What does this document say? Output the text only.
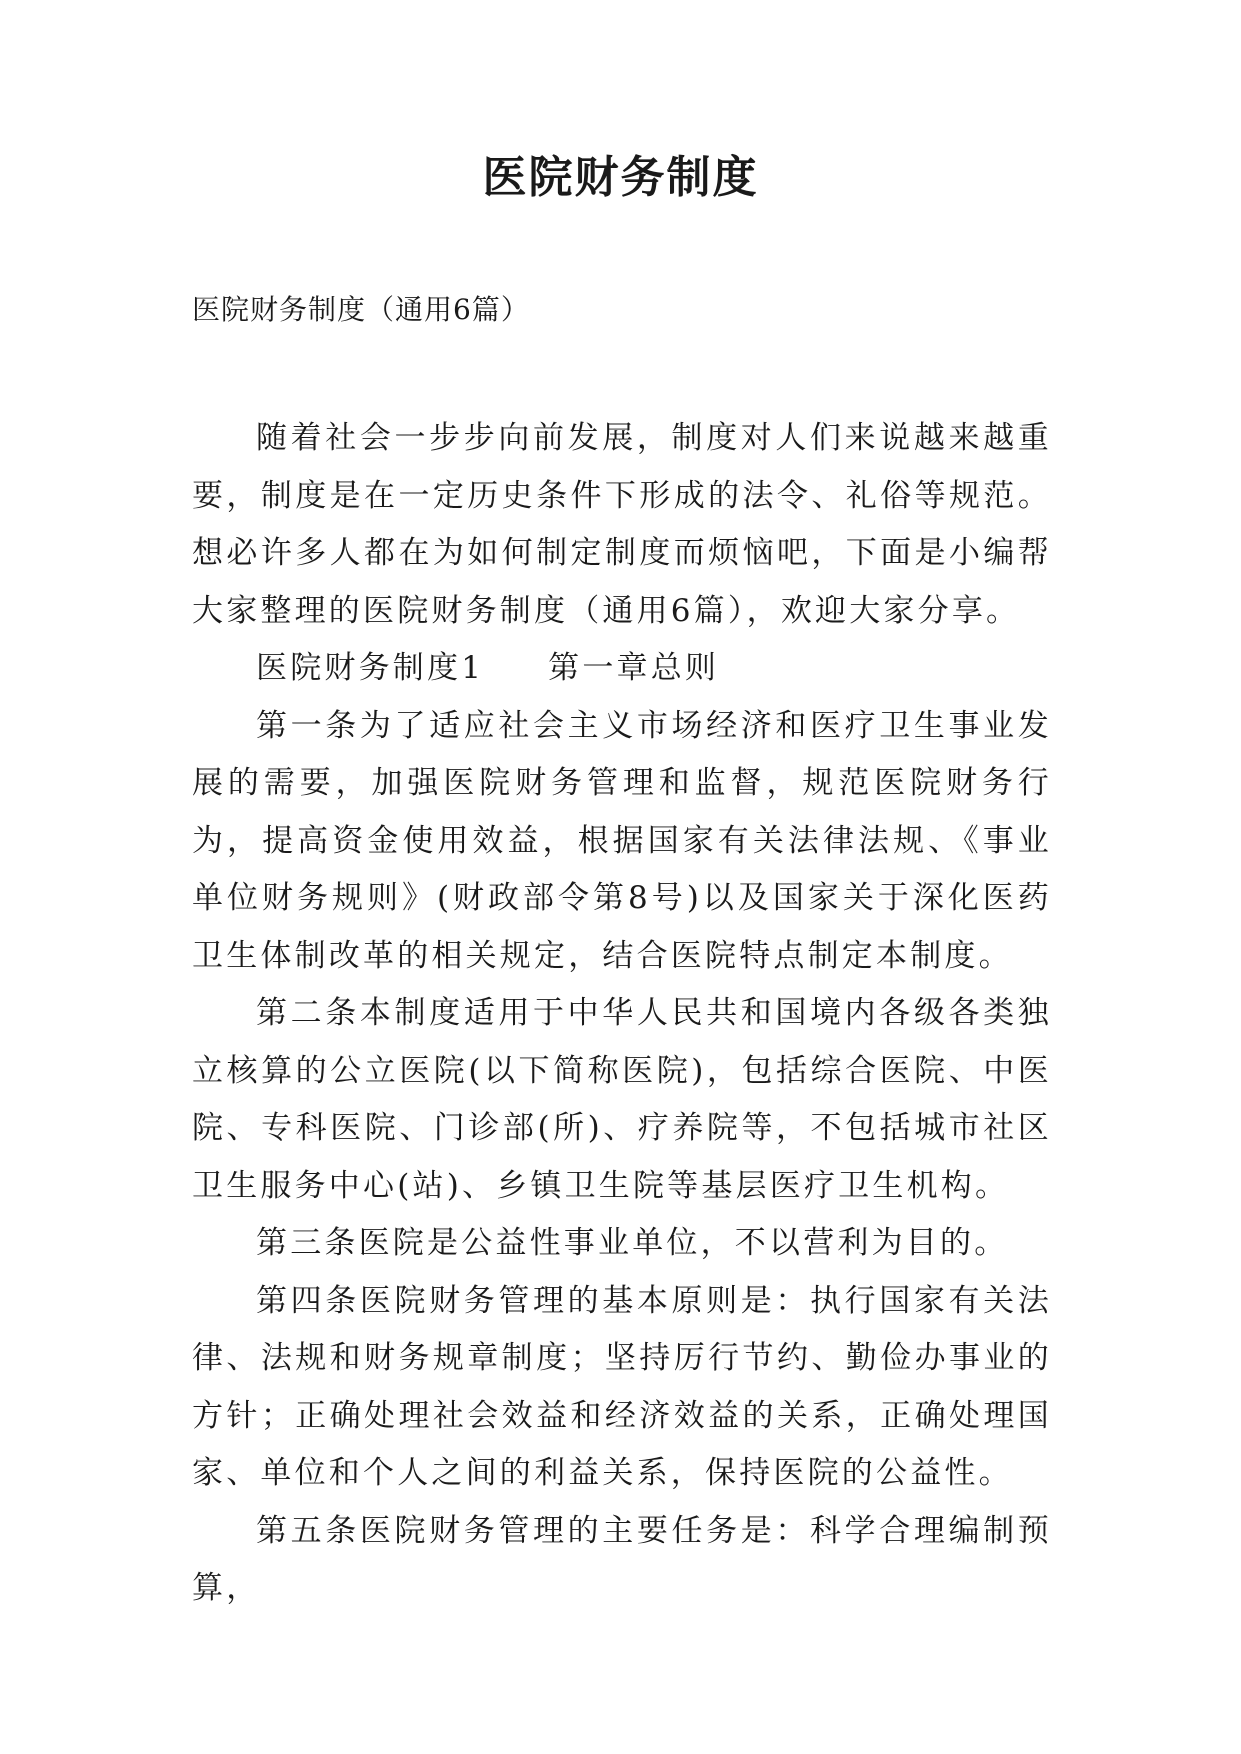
医院财务制度

医院财务制度（通用6篇）

随着社会一步步向前发展，制度对人们来说越来越重要，制度是在一定历史条件下形成的法令、礼俗等规范。想必许多人都在为如何制定制度而烦恼吧，下面是小编帮大家整理的医院财务制度（通用6篇），欢迎大家分享。

医院财务制度1 第一章总则

第一条为了适应社会主义市场经济和医疗卫生事业发展的需要，加强医院财务管理和监督，规范医院财务行为，提高资金使用效益，根据国家有关法律法规、《事业单位财务规则》(财政部令第8号)以及国家关于深化医药卫生体制改革的相关规定，结合医院特点制定本制度。

第二条本制度适用于中华人民共和国境内各级各类独立核算的公立医院(以下简称医院)，包括综合医院、中医院、专科医院、门诊部(所)、疗养院等，不包括城市社区卫生服务中心(站)、乡镇卫生院等基层医疗卫生机构。

第三条医院是公益性事业单位，不以营利为目的。

第四条医院财务管理的基本原则是：执行国家有关法律、法规和财务规章制度；坚持厉行节约、勤俭办事业的方针；正确处理社会效益和经济效益的关系，正确处理国家、单位和个人之间的利益关系，保持医院的公益性。

第五条医院财务管理的主要任务是：科学合理编制预算，
